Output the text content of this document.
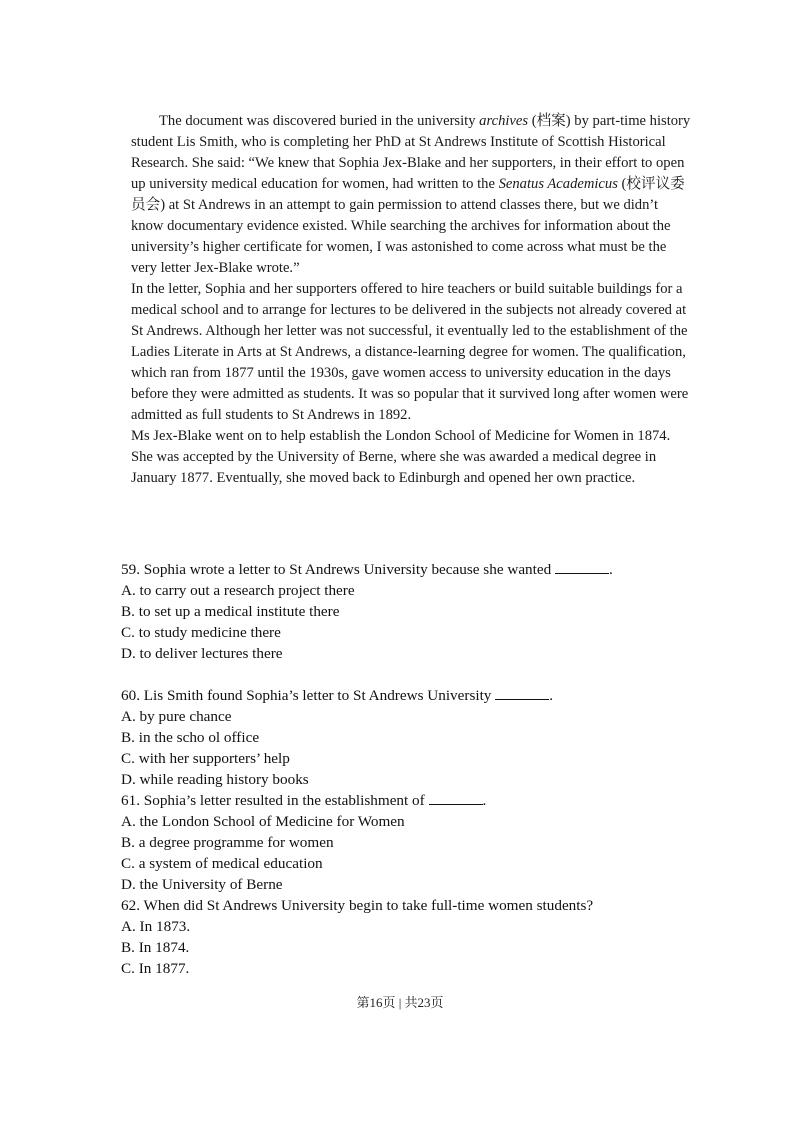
The document was discovered buried in the university archives (档案) by part-time history student Lis Smith, who is completing her PhD at St Andrews Institute of Scottish Historical Research. She said: “We knew that Sophia Jex-Blake and her supporters, in their effort to open up university medical education for women, had written to the Senatus Academicus (校评议委员会) at St Andrews in an attempt to gain permission to attend classes there, but we didn’t know documentary evidence existed. While searching the archives for information about the university’s higher certificate for women, I was astonished to come across what must be the very letter Jex-Blake wrote.”

In the letter, Sophia and her supporters offered to hire teachers or build suitable buildings for a medical school and to arrange for lectures to be delivered in the subjects not already covered at St Andrews. Although her letter was not successful, it eventually led to the establishment of the Ladies Literate in Arts at St Andrews, a distance-learning degree for women. The qualification, which ran from 1877 until the 1930s, gave women access to university education in the days before they were admitted as students. It was so popular that it survived long after women were admitted as full students to St Andrews in 1892.

Ms Jex-Blake went on to help establish the London School of Medicine for Women in 1874. She was accepted by the University of Berne, where she was awarded a medical degree in January 1877. Eventually, she moved back to Edinburgh and opened her own practice.

59. Sophia wrote a letter to St Andrews University because she wanted	.
A. to carry out a research project there
B. to set up a medical institute there
C. to study medicine there
D. to deliver lectures there
60. Lis Smith found Sophia’s letter to St Andrews University	.
A. by pure chance
B. in the scho ol office
C. with her supporters’ help
D. while reading history books
61. Sophia’s letter resulted in the establishment of	.
A. the London School of Medicine for Women
B. a degree programme for women
C. a system of medical education
D. the University of Berne
62. When did St Andrews University begin to take full-time women students?
A. In 1873.
B. In 1874.
C. In 1877.
第16页 | 共23页
